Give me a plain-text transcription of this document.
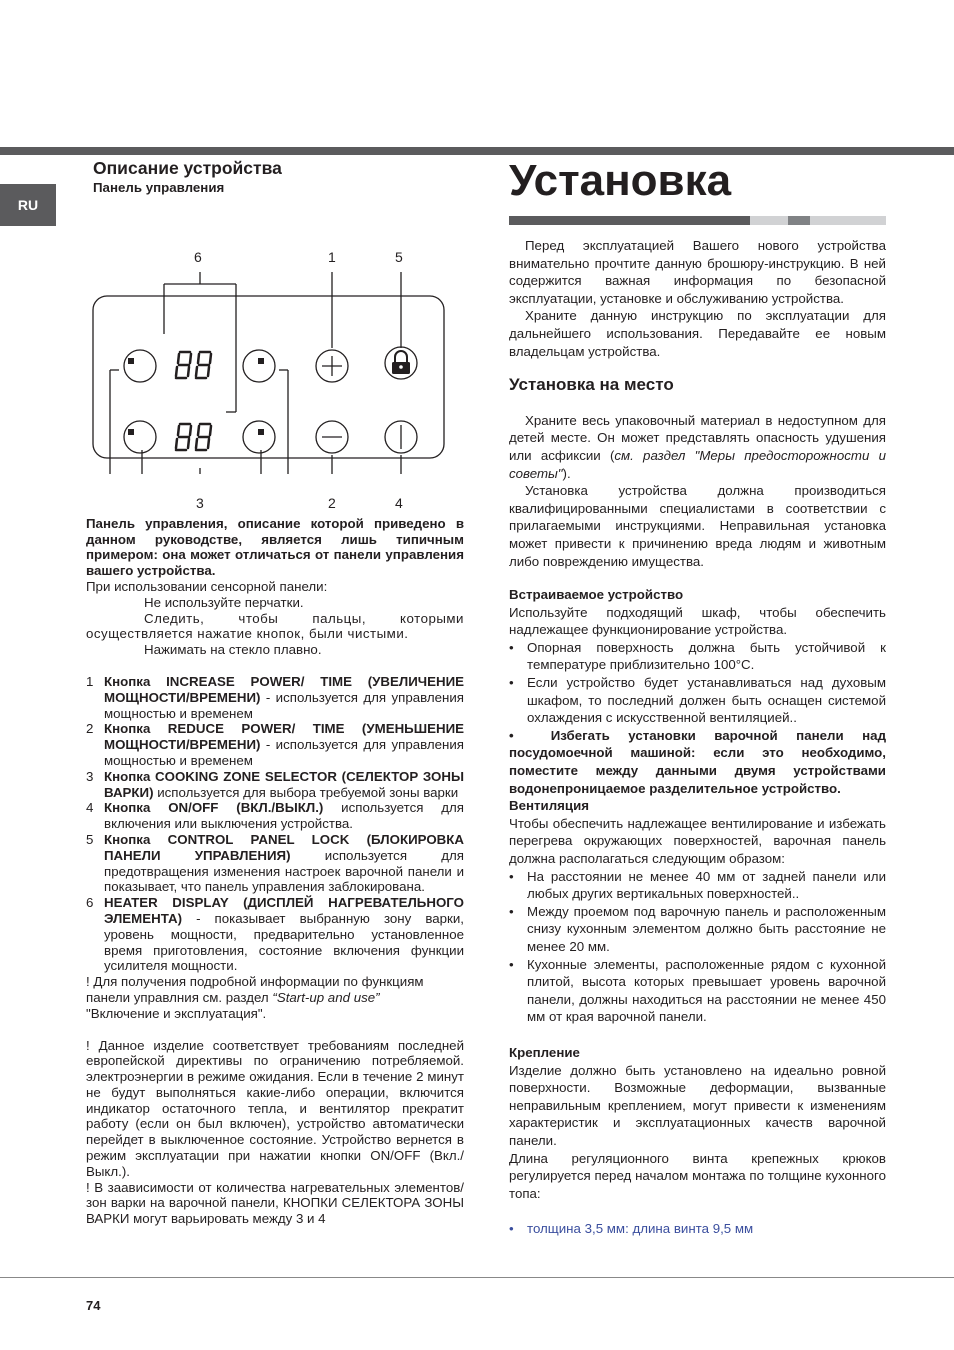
RU
Описание устройства

Панель управления

6	1	5
3	2	4

Панель управления, описание которой приведено в данном руководстве, является лишь типичным примером: она может отличаться от панели управления вашего устройства.

При использовании сенсорной панели:

Не используйте перчатки.

Следить, чтобы пальцы, которыми осуществляется нажатие кнопок, были чистыми.

Нажимать на стекло плавно.

1 Кнопка INCREASE POWER/ TIME (УВЕЛИЧЕНИЕ МОЩНОСТИ/ВРЕМЕНИ) - используется для управления мощностью и временем
2 Кнопка REDUCE POWER/ TIME (УМЕНЬШЕНИЕ МОЩНОСТИ/ВРЕМЕНИ) - используется для управления мощностью и временем
3 Кнопка COOKING ZONE SELECTOR (СЕЛЕКТОР ЗОНЫ ВАРКИ) используется для выбора требуемой зоны варки
4 Кнопка ON/OFF (ВКЛ./ВЫКЛ.) используется для включения или выключения устройства.
5 Кнопка CONTROL PANEL LOCK (БЛОКИРОВКА ПАНЕЛИ УПРАВЛЕНИЯ) используется для предотвращения изменения настроек варочной панели и показывает, что панель управления заблокирована.
6 HEATER DISPLAY (ДИСПЛЕЙ НАГРЕВАТЕЛЬНОГО ЭЛЕМЕНТА) - показывает выбранную зону варки, уровень мощности, предварительно установленное время приготовления, состояние включения функции усилителя мощности.

! Для получения подробной информации по функциям панели управлния см. раздел “Start-up and use”
"Включение и эксплуатация".

! Данное изделие соответствует требованиям последней европейской директивы по ограничению потребляемой. электроэнергии в режиме ожидания. Если в течение 2 минут не будут выполняться какие-либо операции, включится индикатор остаточного тепла, и вентилятор прекратит работу (если он был включен), устройство автоматически перейдет в выключенное состояние. Устройство вернется в режим эксплуатации при нажатии кнопки ON/OFF (Вкл./Выкл.).

! В заависимости от количества нагревательных элементов/зон варки на варочной панели, КНОПКИ СЕЛЕКТОРА ЗОНЫ ВАРКИ могут варьировать между 3 и 4

Установка

Перед эксплуатацией Вашего нового устройства внимательно прочтите данную брошюру-инструкцию. В ней содержится важная информация по безопасной эксплуатации, установке и обслуживанию устройства.

Храните данную инструкцию по эксплуатации для дальнейшего использования. Передавайте ее новым владельцам устройства.

Установка на место

Храните весь упаковочный материал в недоступном для детей месте. Он может представлять опасность удушения или асфиксии (см. раздел "Меры предосторожности и советы").

Установка устройства должна производиться квалифицированными специалистами в соответствии с прилагаемыми инструкциями. Неправильная установка может привести к причинению вреда людям и животным либо повреждению имущества.

Встраиваемое устройство

Используйте подходящий шкаф, чтобы обеспечить надлежащее функционирование устройства.

• Опорная поверхность должна быть устойчивой к температуре приблизительно 100°C.
• Если устройство будет устанавливаться над духовым шкафом, то последний должен быть оснащен системой охлаждения с искусственной вентиляцией..

•  Избегать установки варочной панели над посудомоечной машиной: если это необходимо, поместите между данными двумя устройствами водонепроницаемое разделительное устройство.

Вентиляция

Чтобы обеспечить надлежащее вентилирование и избежать перегрева окружающих поверхностей, варочная панель должна располагаться следующим образом:

• На расстоянии не менее 40 мм от задней панели или любых других вертикальных поверхностей..
• Между проемом под варочную панель и расположенным снизу кухонным элементом должно быть расстояние не менее 20 мм.
• Кухонные элементы, расположенные рядом с кухонной плитой, высота которых превышает уровень варочной панели, должны находиться на расстоянии не менее 450 мм от края варочной панели.

Крепление

Изделие должно быть установлено на идеально ровной поверхности. Возможные деформации, вызванные неправильным креплением, могут привести к изменениям характеристик и эксплуатационных качеств варочной панели.

Длина регуляционного винта крепежных крюков регулируется перед началом монтажа по толщине кухонного топа:

• толщина 3,5 мм: длина винта 9,5 мм
74
